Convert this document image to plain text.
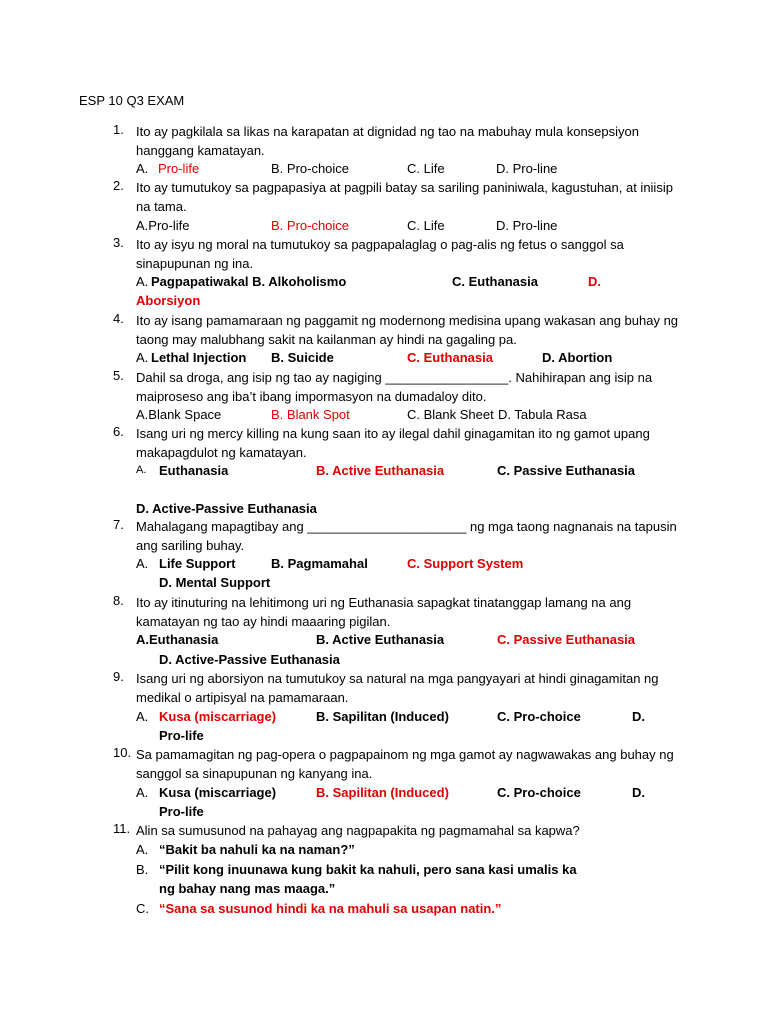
ESP 10 Q3 EXAM
1. Ito ay pagkilala sa likas na karapatan at dignidad ng tao na mabuhay mula konsepsiyon hanggang kamatayan.
A. Pro-life	B. Pro-choice	C. Life	D. Pro-line
2. Ito ay tumutukoy sa pagpapasiya at pagpili batay sa sariling paniniwala, kagustuhan, at iniisip na tama.
A.Pro-life	B. Pro-choice	C. Life	D. Pro-line
3. Ito ay isyu ng moral na tumutukoy sa pagpapalaglag o pag-alis ng fetus o sanggol sa sinapupunan ng ina.
A. Pagpapatiwakal B. Alkoholismo	C. Euthanasia	D.
Aborsiyon
4. Ito ay isang pamamaraan ng paggamit ng modernong medisina upang wakasan ang buhay ng taong may malubhang sakit na kailanman ay hindi na gagaling pa.
A. Lethal Injection B. Suicide	C. Euthanasia	D. Abortion
5. Dahil sa droga, ang isip ng tao ay nagiging _________________. Nahihirapan ang isip na maiproseso ang iba’t ibang impormasyon na dumadaloy dito.
A.Blank Space	B. Blank Spot	C. Blank Sheet D. Tabula Rasa
6. Isang uri ng mercy killing na kung saan ito ay ilegal dahil ginagamitan ito ng gamot upang makapagdulot ng kamatayan.
A. Euthanasia	B. Active Euthanasia	C. Passive Euthanasia
D. Active-Passive Euthanasia
7. Mahalagang mapagtibay ang ______________________ ng mga taong nagnanais na tapusin ang sariling buhay.
A. Life Support	B. Pagmamahal	C. Support System
D. Mental Support
8. Ito ay itinuturing na lehitimong uri ng Euthanasia sapagkat tinatanggap lamang na ang kamatayan ng tao ay hindi maaaring pigilan.
A.Euthanasia	B. Active Euthanasia	C. Passive Euthanasia
D. Active-Passive Euthanasia
9. Isang uri ng aborsiyon na tumutukoy sa natural na mga pangyayari at hindi ginagamitan ng medikal o artipisyal na pamamaraan.
A. Kusa (miscarriage)	B. Sapilitan (Induced)	C. Pro-choice	D.
Pro-life
10. Sa pamamagitan ng pag-opera o pagpapainom ng mga gamot ay nagwawakas ang buhay ng sanggol sa sinapupunan ng kanyang ina.
A. Kusa (miscarriage)	B. Sapilitan (Induced)	C. Pro-choice	D.
Pro-life
11. Alin sa sumusunod na pahayag ang nagpapakita ng pagmamahal sa kapwa?
A. “Bakit ba nahuli ka na naman?”
B. “Pilit kong inuunawa kung bakit ka nahuli, pero sana kasi umalis ka
ng bahay nang mas maaga.”
C. “Sana sa susunod hindi ka na mahuli sa usapan natin.”
